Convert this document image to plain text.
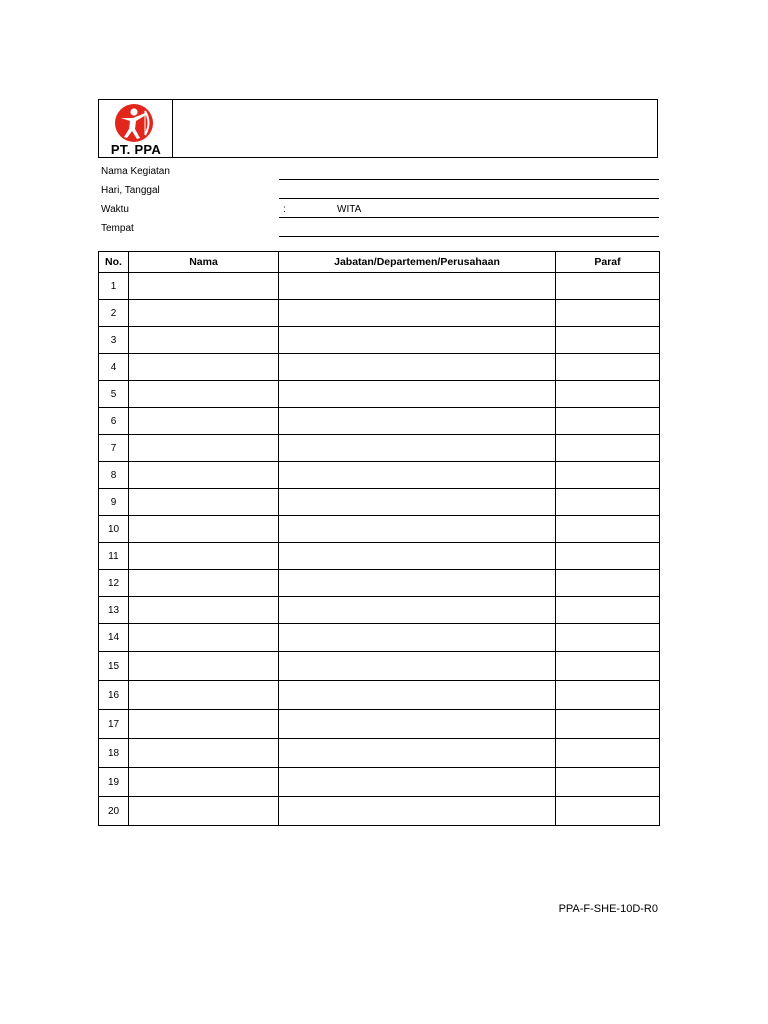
PT. PPA
Nama Kegiatan
Hari, Tanggal
Waktu	:	WITA
Tempat
No.	Nama	Jabatan/Departemen/Perusahaan	Paraf
1			
2			
3			
4			
5			
6			
7			
8			
9			
10			
11			
12			
13			
14			
15			
16			
17			
18			
19			
20			
PPA-F-SHE-10D-R0
